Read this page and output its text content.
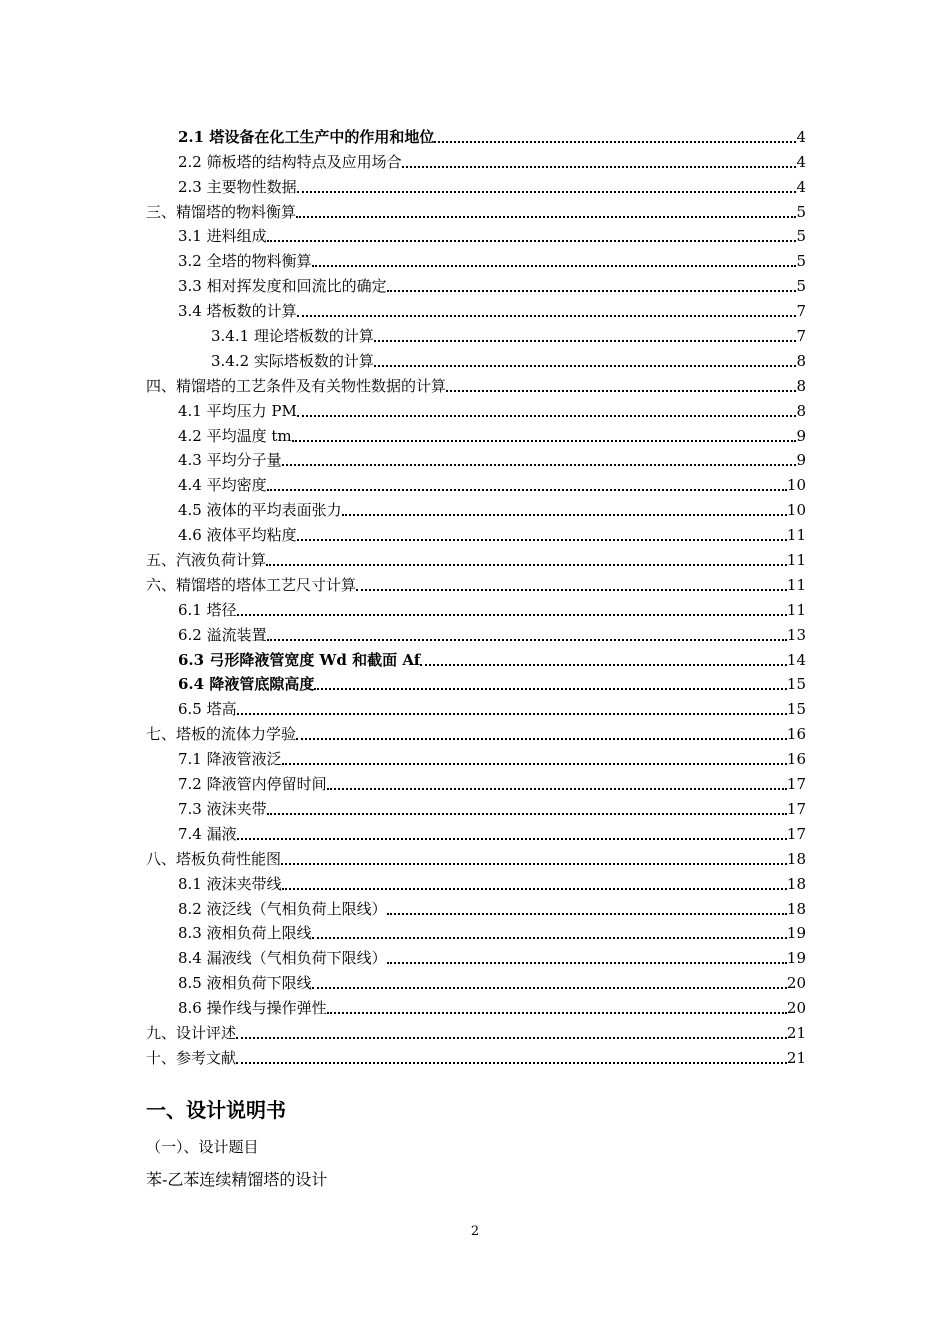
2.1 塔设备在化工生产中的作用和地位	4
2.2 筛板塔的结构特点及应用场合	4
2.3 主要物性数据	4
三、精馏塔的物料衡算	5
3.1 进料组成	5
3.2 全塔的物料衡算	5
3.3 相对挥发度和回流比的确定	5
3.4 塔板数的计算	7
3.4.1 理论塔板数的计算	7
3.4.2 实际塔板数的计算	8
四、精馏塔的工艺条件及有关物性数据的计算	8
4.1 平均压力 PM	8
4.2 平均温度 tm	9
4.3 平均分子量	9
4.4 平均密度	10
4.5 液体的平均表面张力	10
4.6 液体平均粘度	11
五、汽液负荷计算	11
六、精馏塔的塔体工艺尺寸计算	11
6.1 塔径	11
6.2 溢流装置	13
6.3 弓形降液管宽度 Wd 和截面 Af	14
6.4 降液管底隙高度	15
6.5 塔高	15
七、塔板的流体力学验	16
7.1 降液管液泛	16
7.2 降液管内停留时间	17
7.3 液沫夹带	17
7.4 漏液	17
八、塔板负荷性能图	18
8.1 液沫夹带线	18
8.2 液泛线（气相负荷上限线）	18
8.3 液相负荷上限线	19
8.4 漏液线（气相负荷下限线）	19
8.5 液相负荷下限线	20
8.6 操作线与操作弹性	20
九、设计评述	21
十、参考文献	21
一、设计说明书
（一）、设计题目
苯-乙苯连续精馏塔的设计
2
